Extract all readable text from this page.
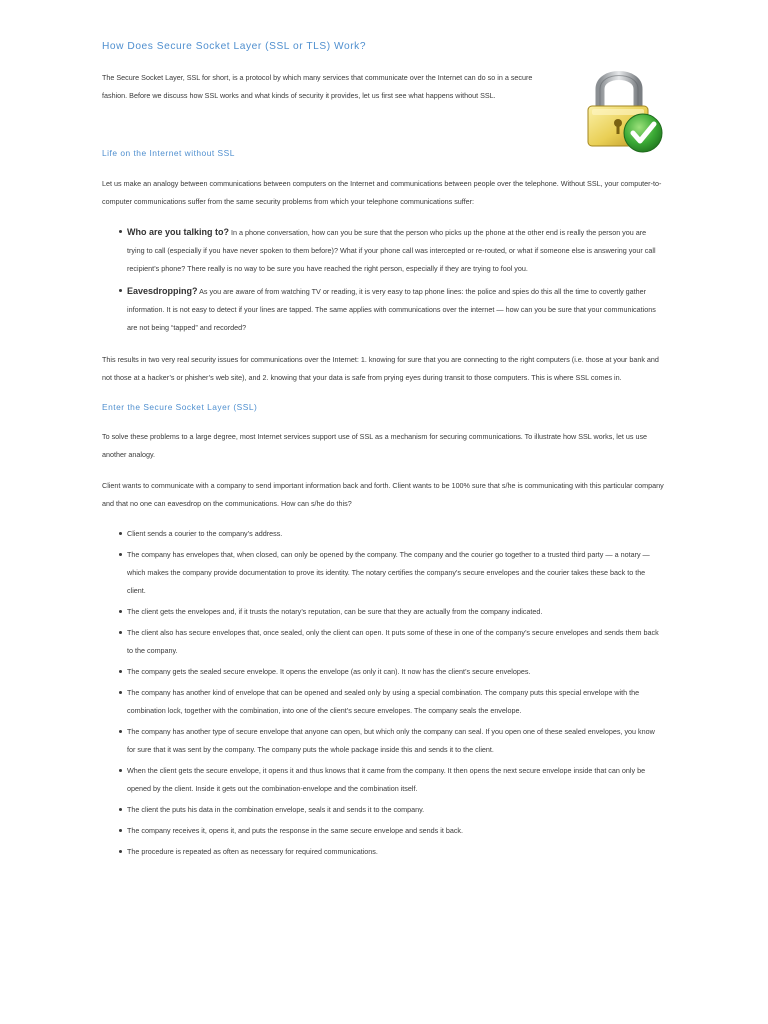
How Does Secure Socket Layer (SSL or TLS) Work?

The Secure Socket Layer, SSL for short, is a protocol by which many services that communicate over the Internet can do so in a secure fashion. Before we discuss how SSL works and what kinds of security it provides, let us first see what happens without SSL.

Life on the Internet without SSL

Let us make an analogy between communications between computers on the Internet and communications between people over the telephone. Without SSL, your computer-to-computer communications suffer from the same security problems from which your telephone communications suffer:

Who are you talking to? In a phone conversation, how can you be sure that the person who picks up the phone at the other end is really the person you are trying to call (especially if you have never spoken to them before)? What if your phone call was intercepted or re-routed, or what if someone else is answering your call recipient’s phone? There really is no way to be sure you have reached the right person, especially if they are trying to fool you.
Eavesdropping? As you are aware of from watching TV or reading, it is very easy to tap phone lines: the police and spies do this all the time to covertly gather information. It is not easy to detect if your lines are tapped. The same applies with communications over the internet — how can you be sure that your communications are not being “tapped” and recorded?

This results in two very real security issues for communications over the Internet: 1. knowing for sure that you are connecting to the right computers (i.e. those at your bank and not those at a hacker’s or phisher’s web site), and 2. knowing that your data is safe from prying eyes during transit to those computers. This is where SSL comes in.

Enter the Secure Socket Layer (SSL)

To solve these problems to a large degree, most Internet services support use of SSL as a mechanism for securing communications. To illustrate how SSL works, let us use another analogy.

Client wants to communicate with a company to send important information back and forth. Client wants to be 100% sure that s/he is communicating with this particular company and that no one can eavesdrop on the communications. How can s/he do this?

Client sends a courier to the company’s address.
The company has envelopes that, when closed, can only be opened by the company. The company and the courier go together to a trusted third party — a notary — which makes the company provide documentation to prove its identity. The notary certifies the company’s secure envelopes and the courier takes these back to the client.
The client gets the envelopes and, if it trusts the notary’s reputation, can be sure that they are actually from the company indicated.
The client also has secure envelopes that, once sealed, only the client can open. It puts some of these in one of the company’s secure envelopes and sends them back to the company.
The company gets the sealed secure envelope. It opens the envelope (as only it can). It now has the client’s secure envelopes.
The company has another kind of envelope that can be opened and sealed only by using a special combination. The company puts this special envelope with the combination lock, together with the combination, into one of the client’s secure envelopes. The company seals the envelope.
The company has another type of secure envelope that anyone can open, but which only the company can seal. If you open one of these sealed envelopes, you know for sure that it was sent by the company. The company puts the whole package inside this and sends it to the client.
When the client gets the secure envelope, it opens it and thus knows that it came from the company. It then opens the next secure envelope inside that can only be opened by the client. Inside it gets out the combination-envelope and the combination itself.
The client the puts his data in the combination envelope, seals it and sends it to the company.
The company receives it, opens it, and puts the response in the same secure envelope and sends it back.
The procedure is repeated as often as necessary for required communications.
